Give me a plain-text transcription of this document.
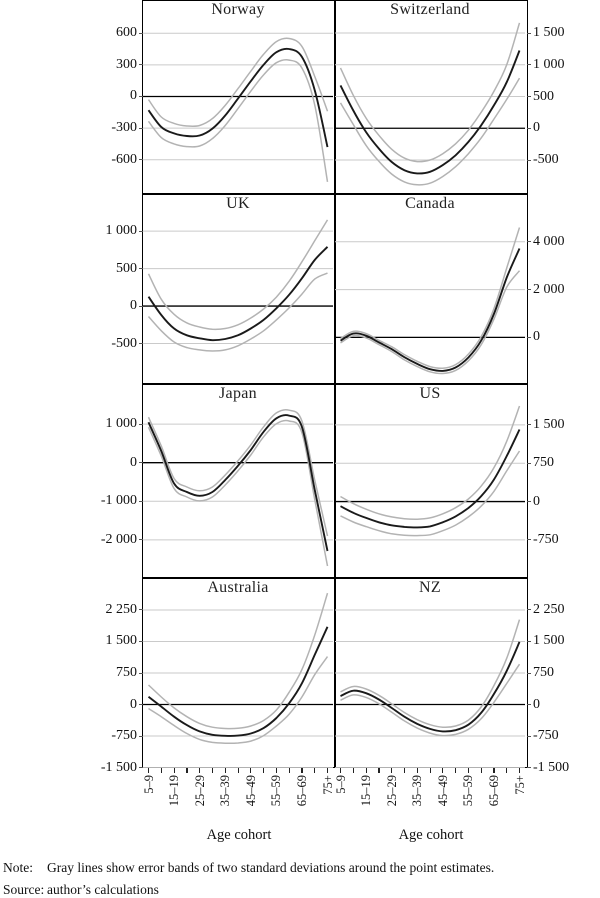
Age cohort	Age cohort
Note: Gray lines show error bands of two standard deviations around the point estimates.
Source: author’s calculations
Norway
600
300
0
-300
-600
Switzerland
1 500
1 000
500
0
-500
UK
1 000
500
0
-500
Canada
4 000
2 000
0
Japan
1 000
0
-1 000
-2 000
US
1 500
750
0
-750
Australia
2 250
1 500
750
0
-750
-1 500
5–9 15–19 25–29 35–39 45–49 55–59 65–69 75+
NZ
2 250
1 500
750
0
-750
-1 500
5–9 15–19 25–29 35–39 45–49 55–59 65–69 75+
